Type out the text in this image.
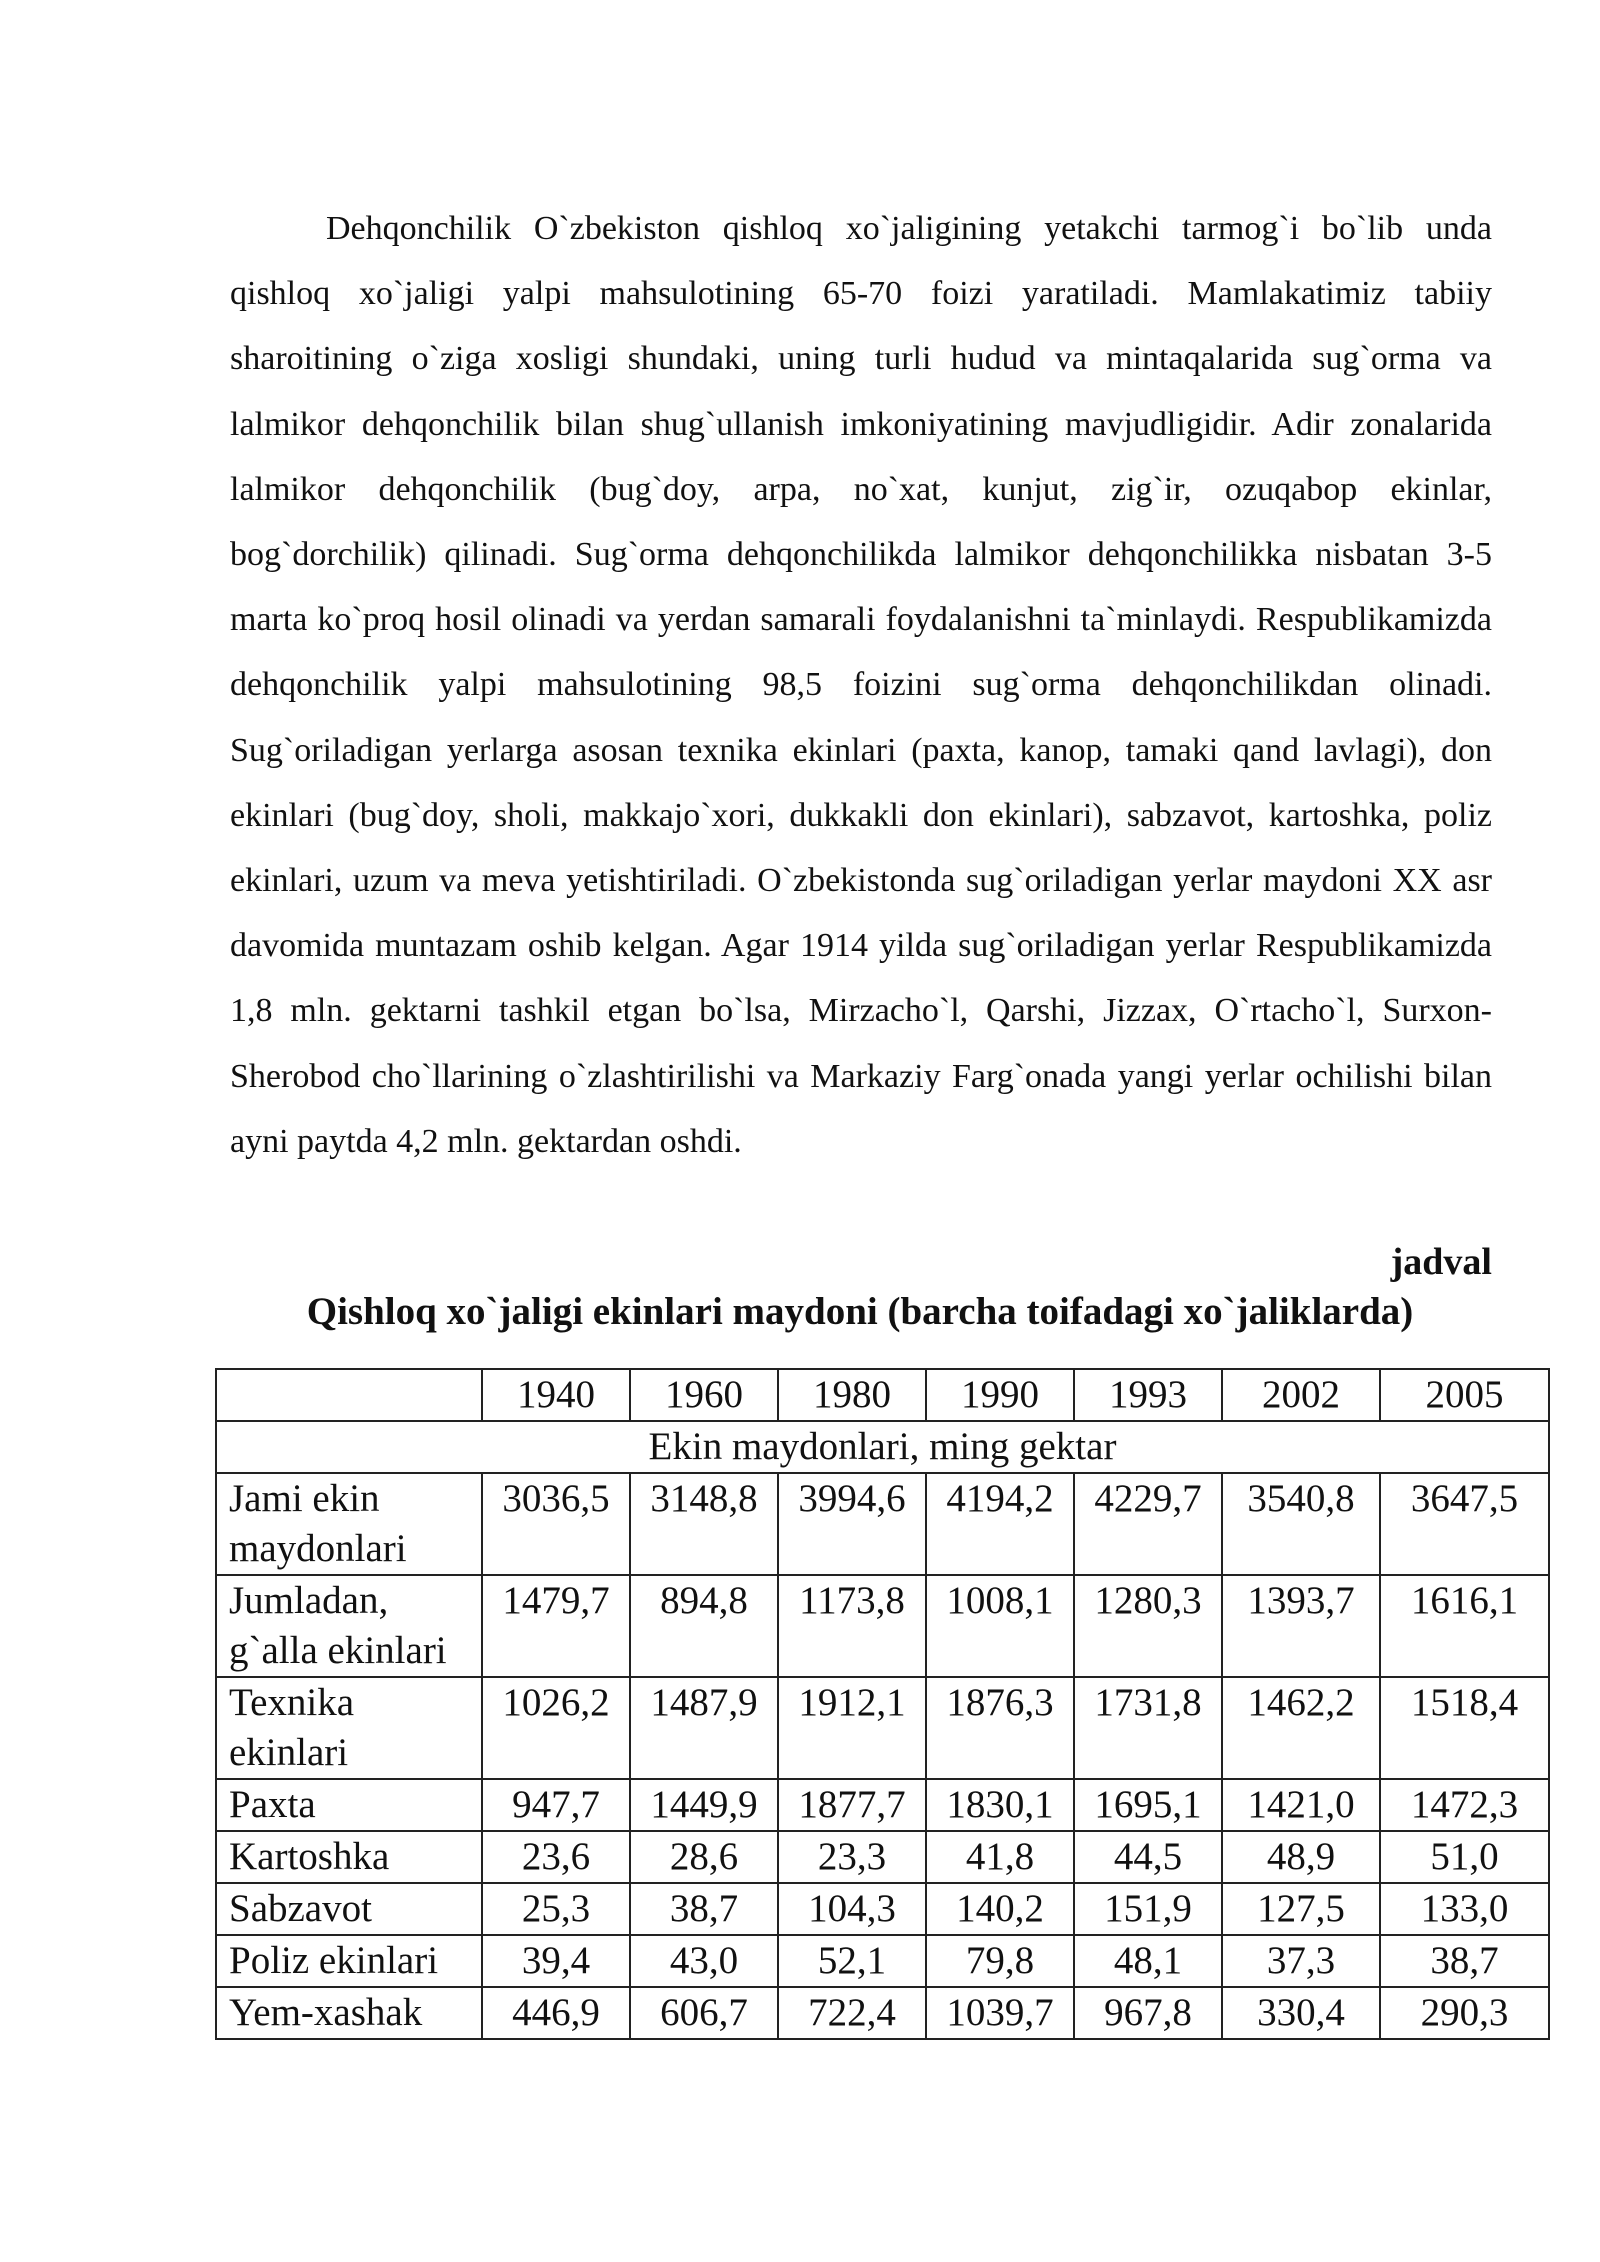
Dehqonchilik O`zbekiston qishloq xo`jaligining yetakchi tarmog`i bo`lib unda qishloq xo`jaligi yalpi mahsulotining 65-70 foizi yaratiladi. Mamlakatimiz tabiiy sharoitining o`ziga xosligi shundaki, uning turli hudud va mintaqalarida sug`orma va lalmikor dehqonchilik bilan shug`ullanish imkoniyatining mavjudligidir. Adir zonalarida lalmikor dehqonchilik (bug`doy, arpa, no`xat, kunjut, zig`ir, ozuqabop ekinlar, bog`dorchilik) qilinadi. Sug`orma dehqonchilikda lalmikor dehqonchilikka nisbatan 3-5 marta ko`proq hosil olinadi va yerdan samarali foydalanishni ta`minlaydi. Respublikamizda dehqonchilik yalpi mahsulotining 98,5 foizini sug`orma dehqonchilikdan olinadi. Sug`oriladigan yerlarga asosan texnika ekinlari (paxta, kanop, tamaki qand lavlagi), don ekinlari (bug`doy, sholi, makkajo`xori, dukkakli don ekinlari), sabzavot, kartoshka, poliz ekinlari, uzum va meva yetishtiriladi. O`zbekistonda sug`oriladigan yerlar maydoni XX asr davomida muntazam oshib kelgan. Agar 1914 yilda sug`oriladigan yerlar Respublikamizda 1,8 mln. gektarni tashkil etgan bo`lsa, Mirzacho`l, Qarshi, Jizzax, O`rtacho`l, Surxon-Sherobod cho`llarining o`zlashtirilishi va Markaziy Farg`onada yangi yerlar ochilishi bilan ayni paytda 4,2 mln. gektardan oshdi.

jadval
Qishloq xo`jaligi ekinlari maydoni (barcha toifadagi xo`jaliklarda)
	1940	1960	1980	1990	1993	2002	2005
Ekin maydonlari, ming gektar							
Jami ekin maydonlari	3036,5	3148,8	3994,6	4194,2	4229,7	3540,8	3647,5
Jumladan, g`alla ekinlari	1479,7	894,8	1173,8	1008,1	1280,3	1393,7	1616,1
Texnika ekinlari	1026,2	1487,9	1912,1	1876,3	1731,8	1462,2	1518,4
Paxta	947,7	1449,9	1877,7	1830,1	1695,1	1421,0	1472,3
Kartoshka	23,6	28,6	23,3	41,8	44,5	48,9	51,0
Sabzavot	25,3	38,7	104,3	140,2	151,9	127,5	133,0
Poliz ekinlari	39,4	43,0	52,1	79,8	48,1	37,3	38,7
Yem-xashak	446,9	606,7	722,4	1039,7	967,8	330,4	290,3
